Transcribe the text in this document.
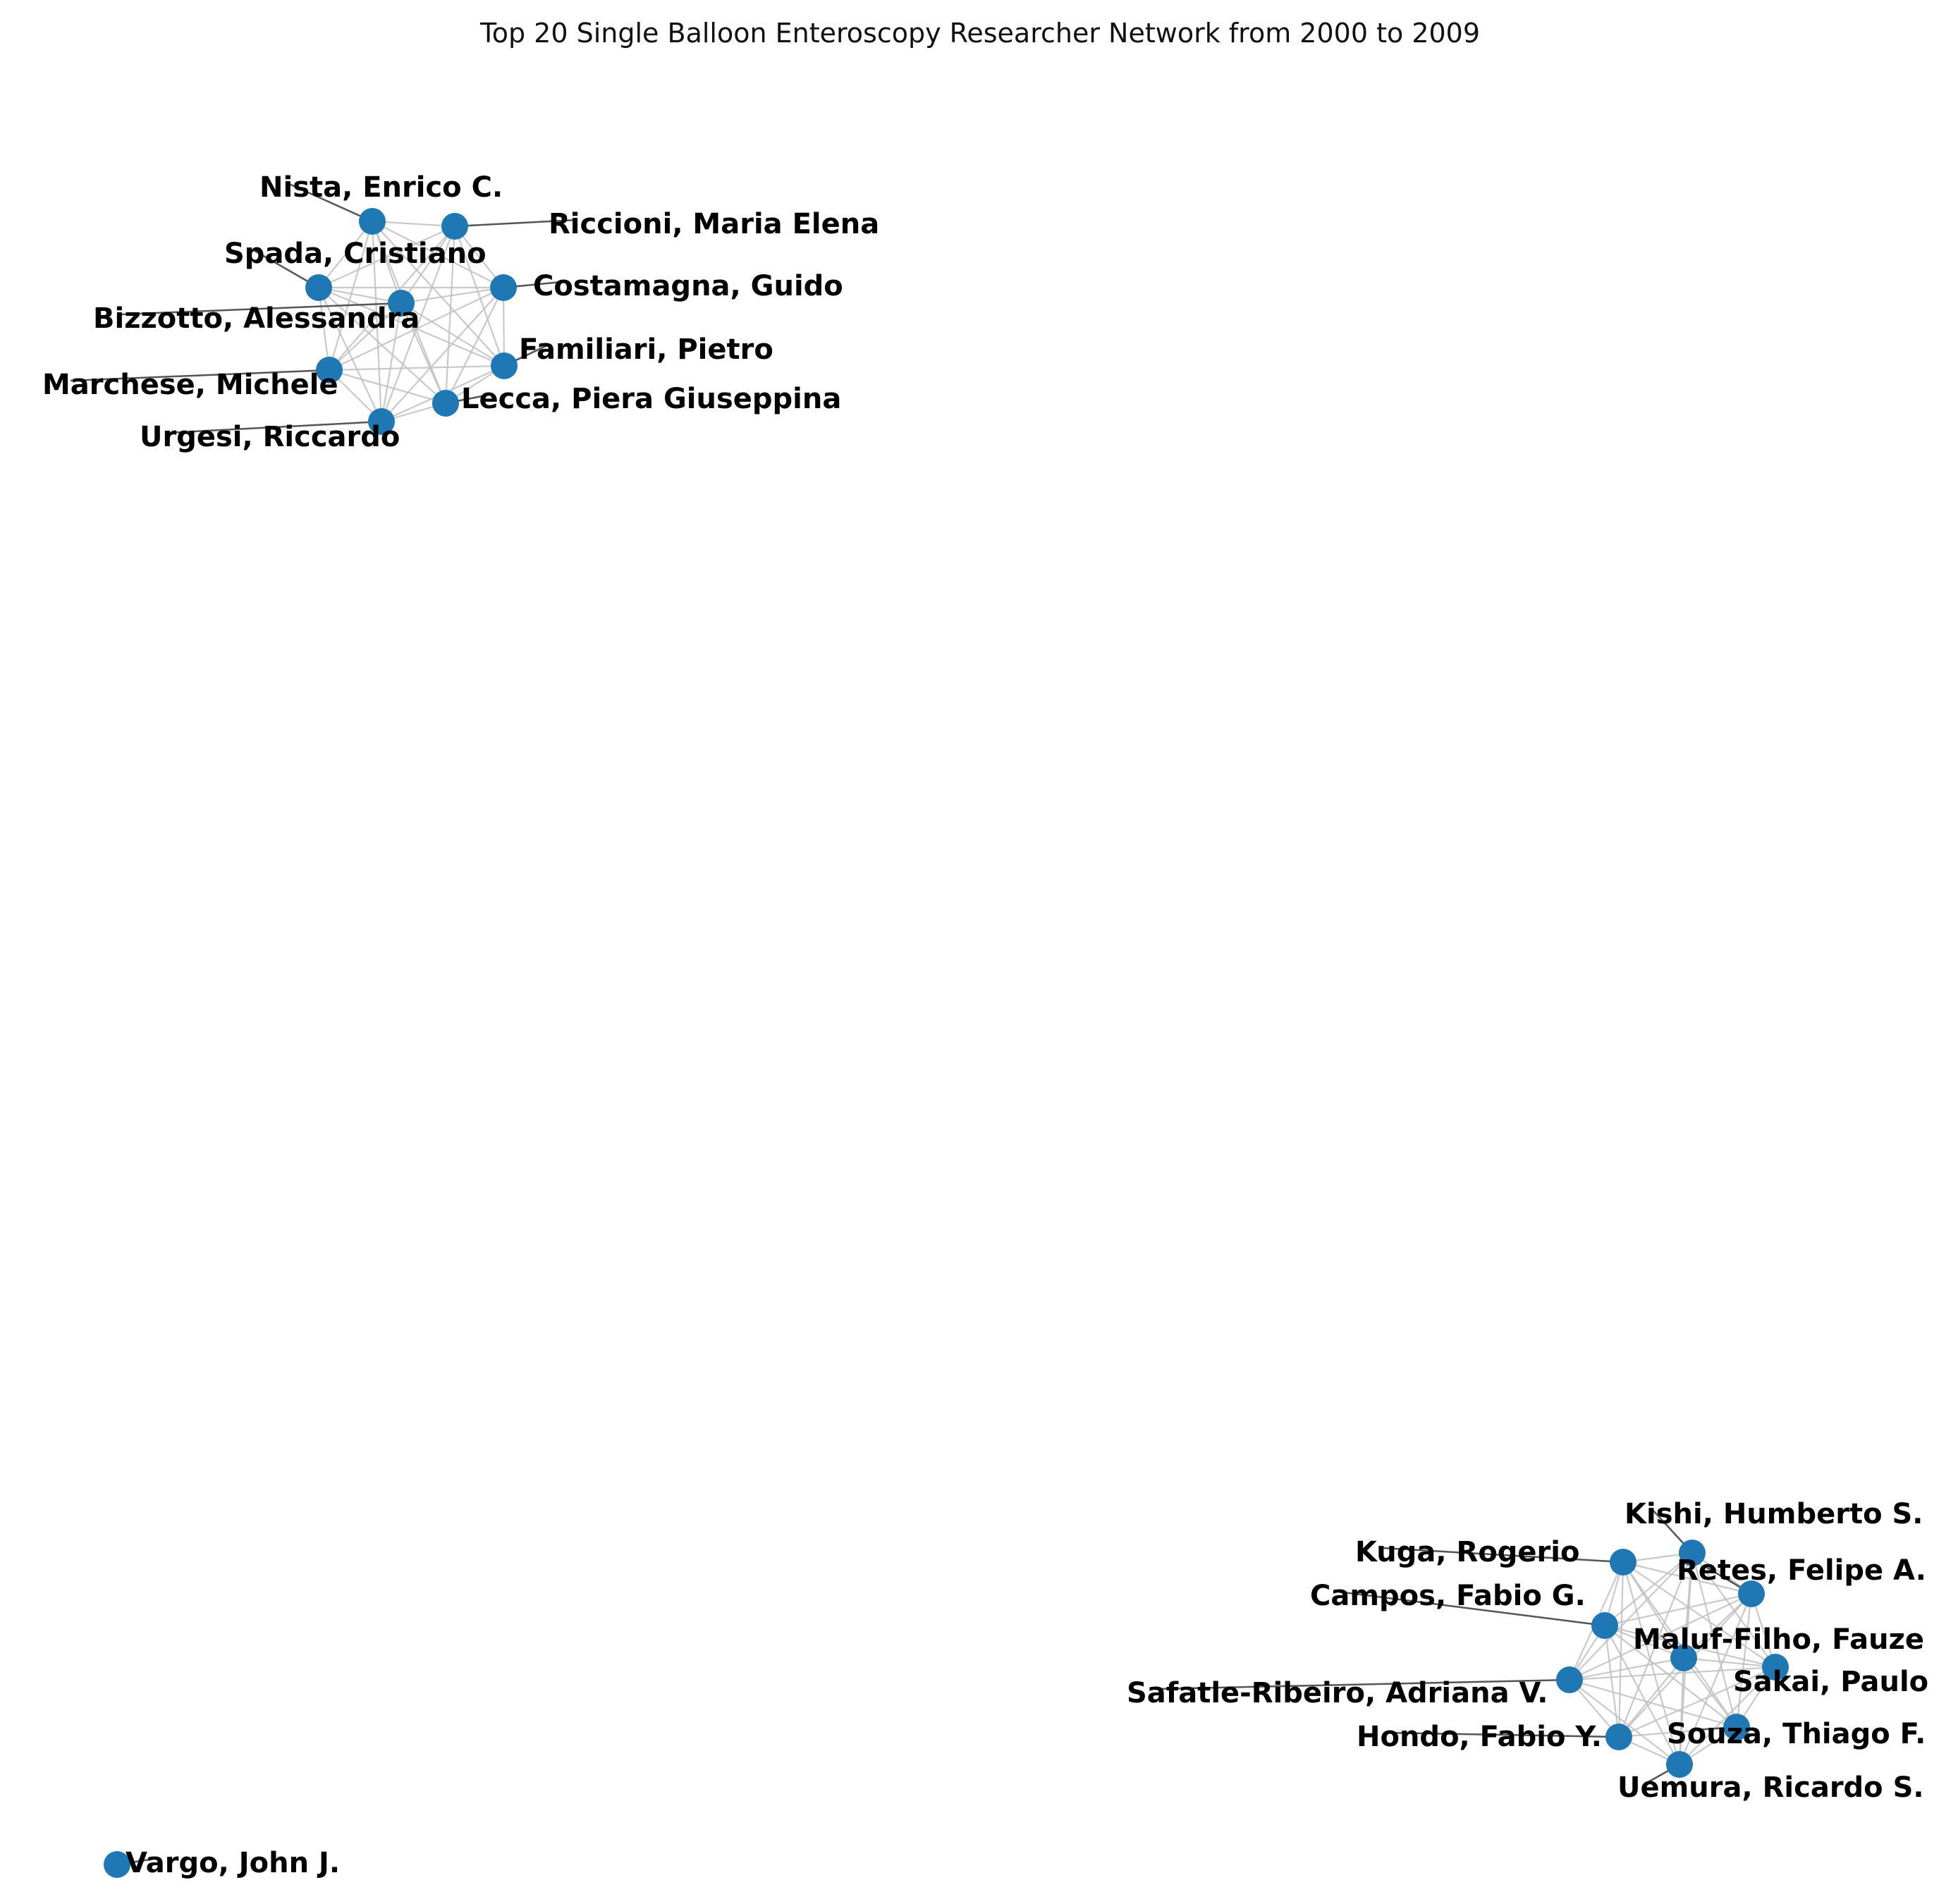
Top 20 Single Balloon Enteroscopy Researcher Network from 2000 to 2009
Nista, Enrico C.
Riccioni, Maria Elena
Spada, Cristiano
Costamagna, Guido
Bizzotto, Alessandra
Familiari, Pietro
Marchese, Michele	Lecca, Piera Giuseppina
Urgesi, Riccardo
Kishi, Humberto S.
Kuga, Rogerio
Retes, Felipe A.
Campos, Fabio G.
Maluf-Filho, Fauze
Sakai, Paulo
Safatle-Ribeiro, Adriana V.
Souza, Thiago F.
Hondo, Fabio Y.
Uemura, Ricardo S.
Vargo, John J.
